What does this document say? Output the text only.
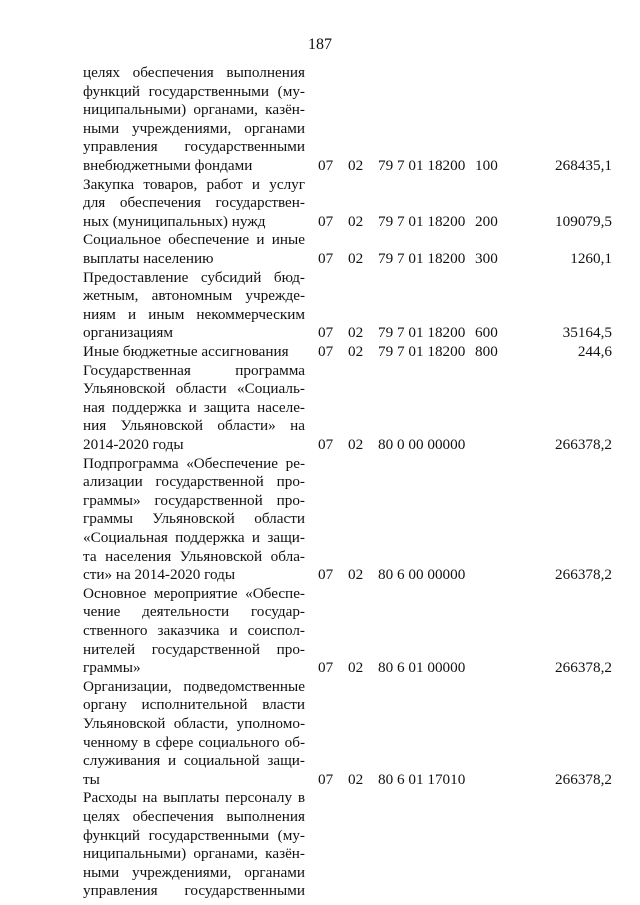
187
целях обеспечения выполнения
функций государственными (му-
ниципальными) органами, казён-
ными учреждениями, органами
управления государственными
внебюджетными фондами	07 02 79 7 01 18200 100	268435,1
Закупка товаров, работ и услуг
для обеспечения государствен-
ных (муниципальных) нужд	07 02 79 7 01 18200 200	109079,5
Социальное обеспечение и иные
выплаты населению	07 02 79 7 01 18200 300	1260,1
Предоставление субсидий бюд-
жетным, автономным учрежде-
ниям и иным некоммерческим
организациям	07 02 79 7 01 18200 600	35164,5
Иные бюджетные ассигнования	07 02 79 7 01 18200 800	244,6
Государственная программа
Ульяновской области «Социаль-
ная поддержка и защита населе-
ния Ульяновской области» на
2014-2020 годы	07 02 80 0 00 00000	266378,2
Подпрограмма «Обеспечение ре-
ализации государственной про-
граммы» государственной про-
граммы Ульяновской области
«Социальная поддержка и защи-
та населения Ульяновской обла-
сти» на 2014-2020 годы	07 02 80 6 00 00000	266378,2
Основное мероприятие «Обеспе-
чение деятельности государ-
ственного заказчика и соиспол-
нителей государственной про-
граммы»	07 02 80 6 01 00000	266378,2
Организации, подведомственные
органу исполнительной власти
Ульяновской области, уполномо-
ченному в сфере социального об-
служивания и социальной защи-
ты	07 02 80 6 01 17010	266378,2
Расходы на выплаты персоналу в
целях обеспечения выполнения
функций государственными (му-
ниципальными) органами, казён-
ными учреждениями, органами
управления государственными
